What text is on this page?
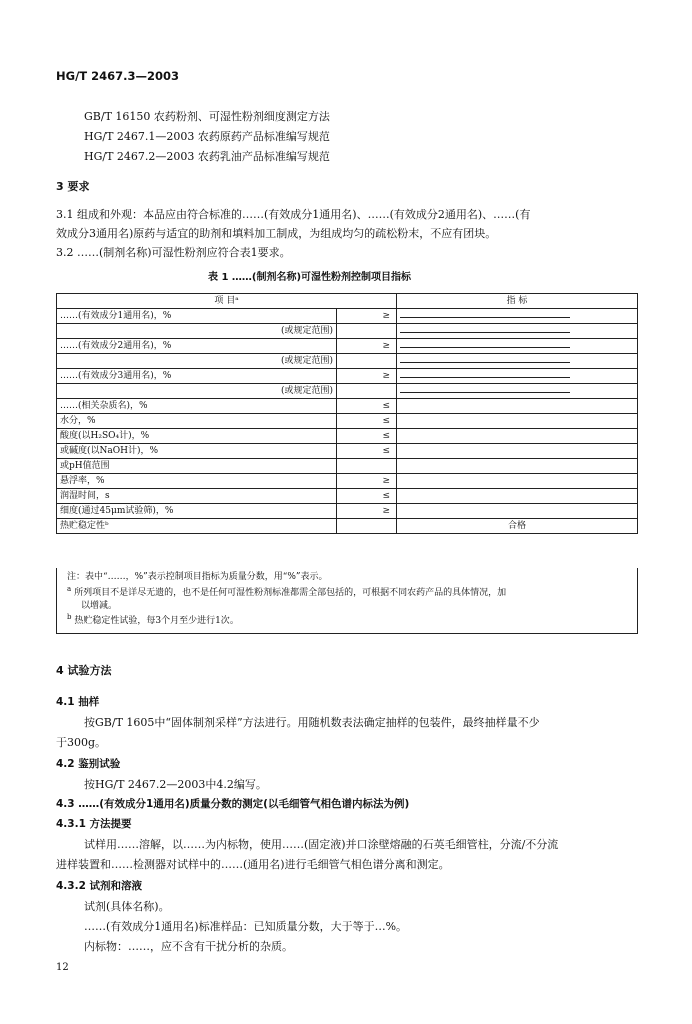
HG/T 2467.3—2003
GB/T 16150 农药粉剂、可湿性粉剂细度测定方法
HG/T 2467.1—2003 农药原药产品标准编写规范
HG/T 2467.2—2003 农药乳油产品标准编写规范
3 要求
3.1 组成和外观：本品应由符合标准的……(有效成分1通用名)、……(有效成分2通用名)、……(有
效成分3通用名)原药与适宜的助剂和填料加工制成，为组成均匀的疏松粉末，不应有团块。
3.2 ……(制剂名称)可湿性粉剂应符合表1要求。
表 1 ……(制剂名称)可湿性粉剂控制项目指标
项 目ᵃ		指 标
……(有效成分1通用名)，%	≥	
(或规定范围)		
……(有效成分2通用名)，%	≥	
(或规定范围)		
……(有效成分3通用名)，%	≥	
(或规定范围)		
……(相关杂质名)，%	≤	
水分，%	≤	
酸度(以H₂SO₄计)，%	≤	
或碱度(以NaOH计)，%	≤	
或pH值范围		
悬浮率，%	≥	
润湿时间，s	≤	
细度(通过45μm试验筛)，%	≥	
热贮稳定性ᵇ		合格

注：表中“……，%”表示控制项目指标为质量分数，用“%”表示。

$^a$ 所列项目不是详尽无遗的，也不是任何可湿性粉剂标准都需全部包括的，可根据不同农药产品的具体情况，加

以增减。

$^b$ 热贮稳定性试验，每3个月至少进行1次。

4 试验方法
4.1 抽样
按GB/T 1605中“固体制剂采样”方法进行。用随机数表法确定抽样的包装件，最终抽样量不少
于300g。
4.2 鉴别试验
按HG/T 2467.2—2003中4.2编写。
4.3 ……(有效成分1通用名)质量分数的测定(以毛细管气相色谱内标法为例)
4.3.1 方法提要
试样用……溶解，以……为内标物，使用……(固定液)并口涂壁熔融的石英毛细管柱，分流/不分流
进样装置和……检测器对试样中的……(通用名)进行毛细管气相色谱分离和测定。
4.3.2 试剂和溶液
试剂(具体名称)。
……(有效成分1通用名)标准样品：已知质量分数，大于等于…%。
内标物：……，应不含有干扰分析的杂质。
12
